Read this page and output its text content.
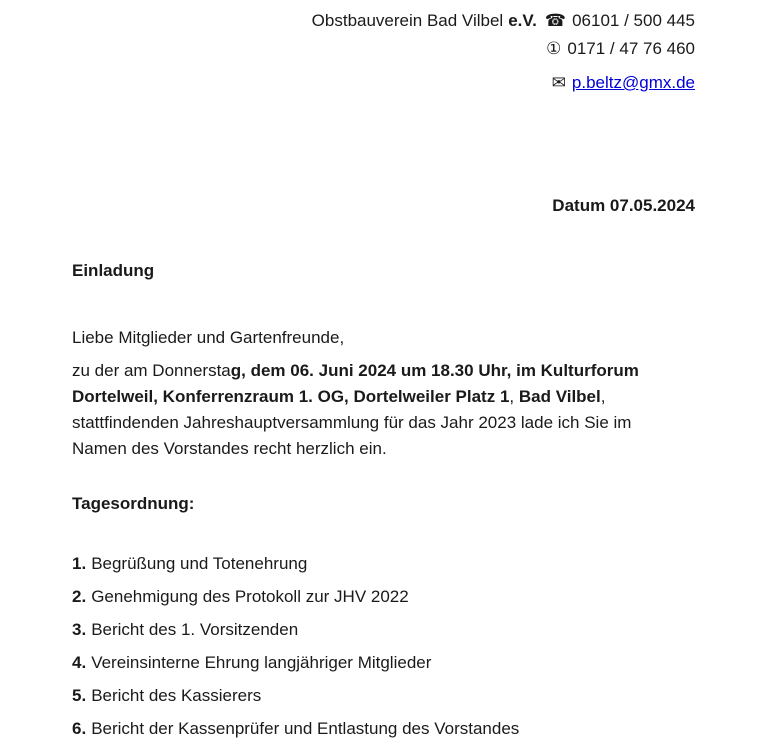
Obstbauverein Bad Vilbel e.V. ☎ 06101 / 500 445
① 0171 / 47 76 460
✉ p.beltz@gmx.de
Datum 07.05.2024
Einladung
Liebe Mitglieder und Gartenfreunde,
zu der am Donnerstag, dem 06. Juni 2024 um 18.30 Uhr, im Kulturforum Dortelweil, Konferrenzraum 1. OG, Dortelweiler Platz 1, Bad Vilbel, stattfindenden Jahreshauptversammlung für das Jahr 2023 lade ich Sie im Namen des Vorstandes recht herzlich ein.
Tagesordnung:
1. Begrüßung und Totenehrung
2. Genehmigung des Protokoll zur JHV 2022
3. Bericht des 1. Vorsitzenden
4. Vereinsinterne Ehrung langjähriger Mitglieder
5. Bericht des Kassierers
6. Bericht der Kassenprüfer und Entlastung des Vorstandes
